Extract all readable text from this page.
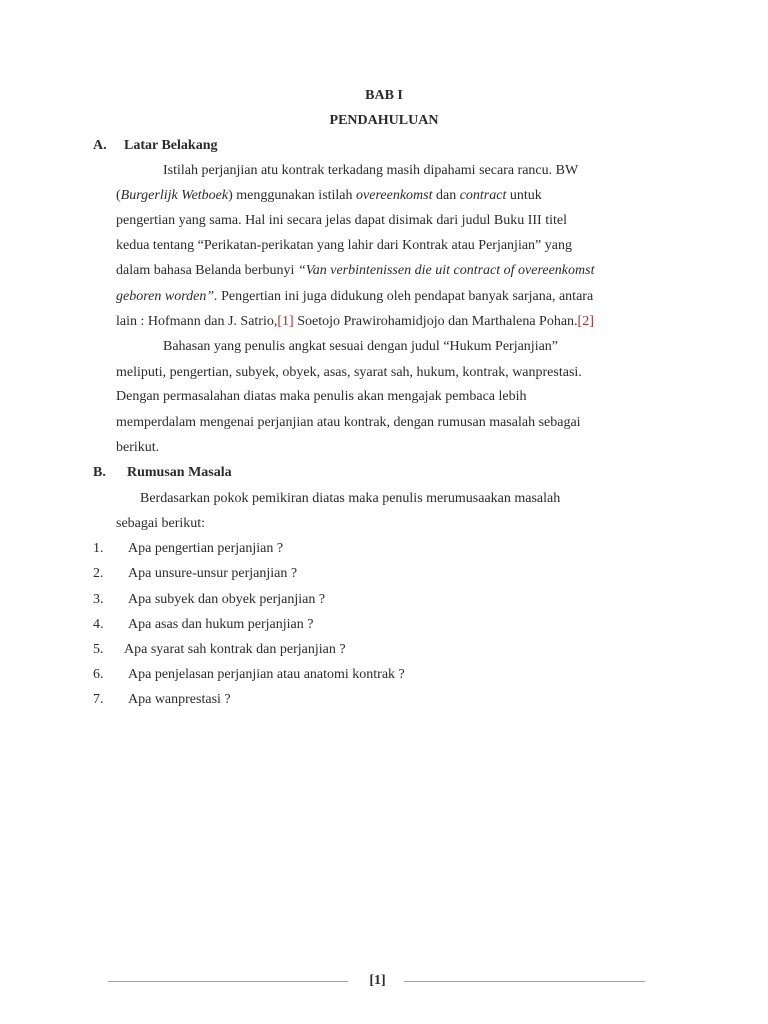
BAB I
PENDAHULUAN
A. Latar Belakang
Istilah perjanjian atu kontrak terkadang masih dipahami secara rancu. BW
(Burgerlijk Wetboek) menggunakan istilah overeenkomst dan contract untuk
pengertian yang sama. Hal ini secara jelas dapat disimak dari judul Buku III titel
kedua tentang “Perikatan-perikatan yang lahir dari Kontrak atau Perjanjian” yang
dalam bahasa Belanda berbunyi “Van verbintenissen die uit contract of overeenkomst
geboren worden”. Pengertian ini juga didukung oleh pendapat banyak sarjana, antara
lain : Hofmann dan J. Satrio,[1] Soetojo Prawirohamidjojo dan Marthalena Pohan.[2]
Bahasan yang penulis angkat sesuai dengan judul “Hukum Perjanjian”
meliputi, pengertian, subyek, obyek, asas, syarat sah, hukum, kontrak, wanprestasi.
Dengan permasalahan diatas maka penulis akan mengajak pembaca lebih
memperdalam mengenai perjanjian atau kontrak, dengan rumusan masalah sebagai
berikut.
B. Rumusan Masala
Berdasarkan pokok pemikiran diatas maka penulis merumusaakan masalah
sebagai berikut:
1. Apa pengertian perjanjian ?
2. Apa unsure-unsur perjanjian ?
3. Apa subyek dan obyek perjanjian ?
4. Apa asas dan hukum perjanjian ?
5. Apa syarat sah kontrak dan perjanjian ?
6. Apa penjelasan perjanjian atau anatomi kontrak ?
7. Apa wanprestasi ?
[1]
